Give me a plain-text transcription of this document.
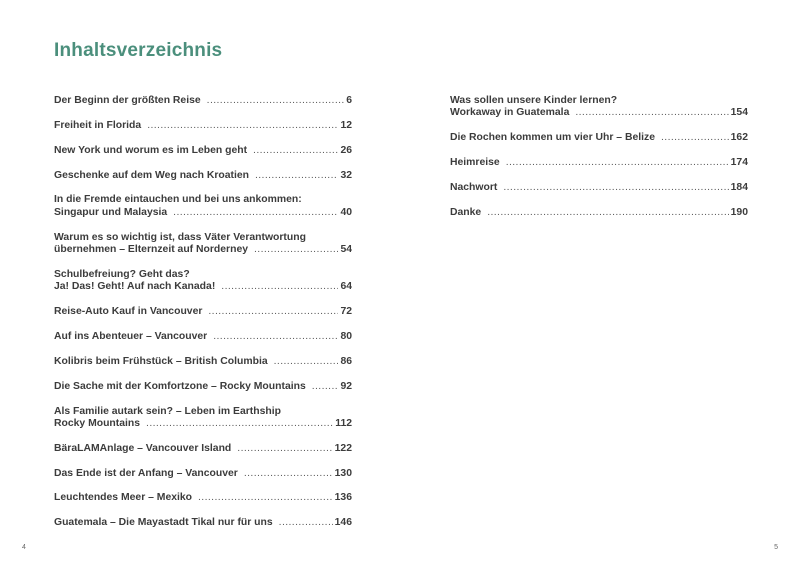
Inhaltsverzeichnis
Der Beginn der größten Reise .....	6
Freiheit in Florida .....	12
New York und worum es im Leben geht .....	26
Geschenke auf dem Weg nach Kroatien .....	32
In die Fremde eintauchen und bei uns ankommen:
Singapur und Malaysia .....	40
Warum es so wichtig ist, dass Väter Verantwortung
übernehmen – Elternzeit auf Norderney .....	54
Schulbefreiung? Geht das?
Ja! Das! Geht! Auf nach Kanada! .....	64
Reise-Auto Kauf in Vancouver .....	72
Auf ins Abenteuer – Vancouver .....	80
Kolibris beim Frühstück – British Columbia .....	86
Die Sache mit der Komfortzone – Rocky Mountains .....	92
Als Familie autark sein? – Leben im Earthship
Rocky Mountains .....	112
BäraLAMAnlage – Vancouver Island .....	122
Das Ende ist der Anfang – Vancouver .....	130
Leuchtendes Meer – Mexiko .....	136
Guatemala – Die Mayastadt Tikal nur für uns .....	146
4
Was sollen unsere Kinder lernen?
Workaway in Guatemala .....	154
Die Rochen kommen um vier Uhr – Belize .....	162
Heimreise .....	174
Nachwort .....	184
Danke .....	190
5
